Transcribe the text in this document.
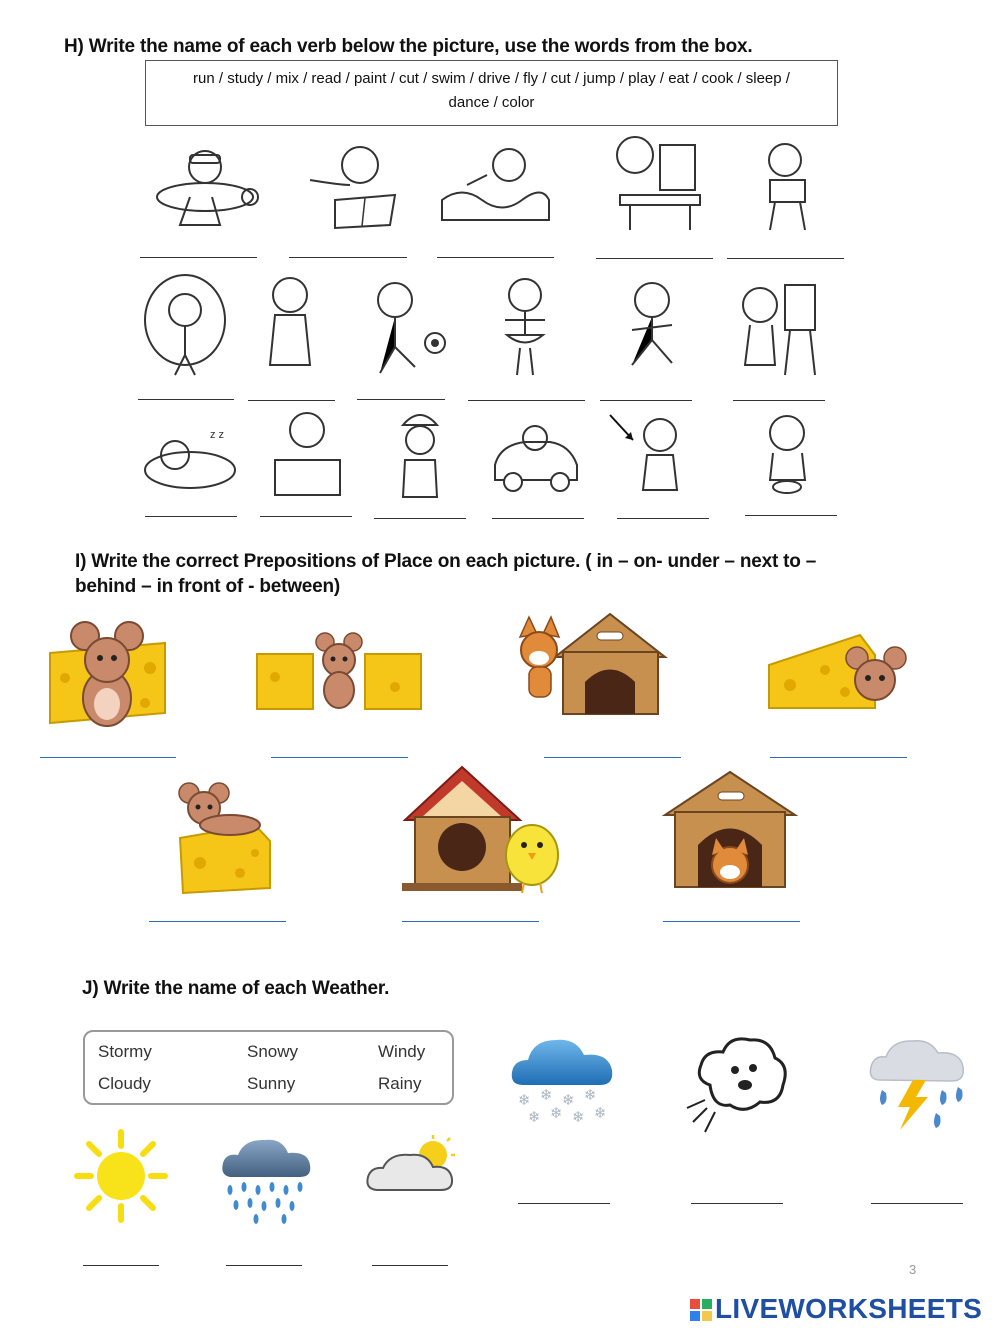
H) Write the name of each verb below the picture, use the words from the box.
run / study / mix / read / paint / cut / swim / drive / fly / cut / jump / play / eat / cook / sleep /
dance / color
z z
I) Write the correct Prepositions of Place on each picture. ( in – on- under – next to –
behind – in front of - between)
J) Write the name of each Weather.
Stormy	Snowy	Windy
Cloudy	Sunny	Rainy
❄ ❄ ❄ ❄
❄ ❄ ❄ ❄
3
LIVEWORKSHEETS
